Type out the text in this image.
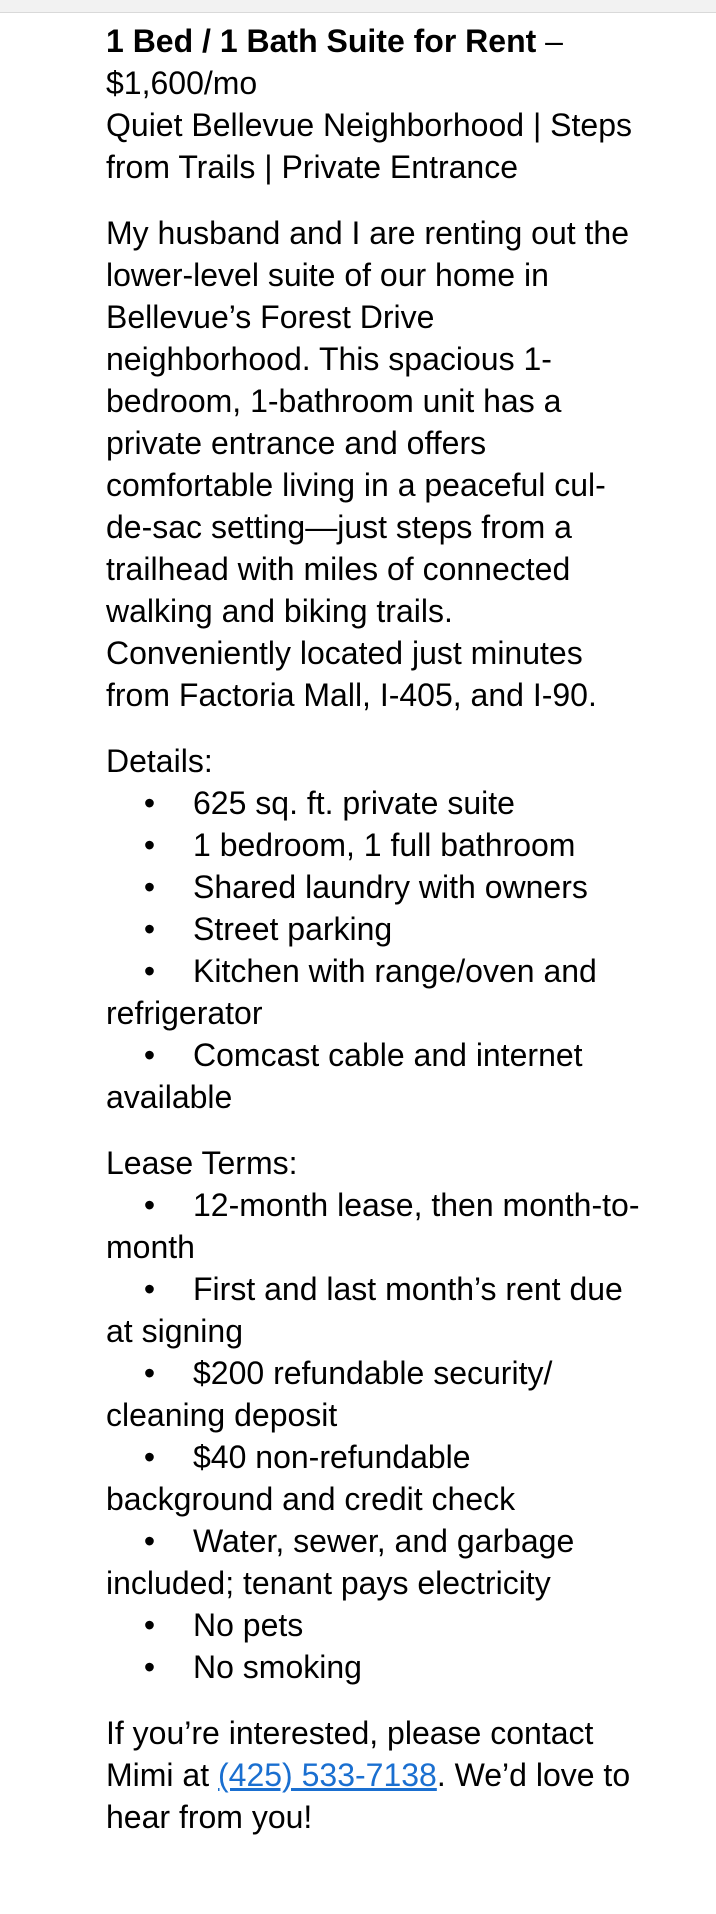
1 Bed / 1 Bath Suite for Rent – $1,600/mo
Quiet Bellevue Neighborhood | Steps from Trails | Private Entrance

My husband and I are renting out the lower-level suite of our home in Bellevue’s Forest Drive neighborhood. This spacious 1-bedroom, 1-bathroom unit has a private entrance and offers comfortable living in a peaceful cul-de-sac setting—just steps from a trailhead with miles of connected walking and biking trails. Conveniently located just minutes from Factoria Mall, I-405, and I-90.

Details:
• 625 sq. ft. private suite
• 1 bedroom, 1 full bathroom
• Shared laundry with owners
• Street parking
• Kitchen with range/oven and refrigerator
• Comcast cable and internet available
Lease Terms:
• 12-month lease, then month-to-month
• First and last month’s rent due at signing
• $200 refundable security/ cleaning deposit
• $40 non-refundable background and credit check
• Water, sewer, and garbage included; tenant pays electricity
• No pets
• No smoking

If you’re interested, please contact Mimi at (425) 533-7138. We’d love to hear from you!
